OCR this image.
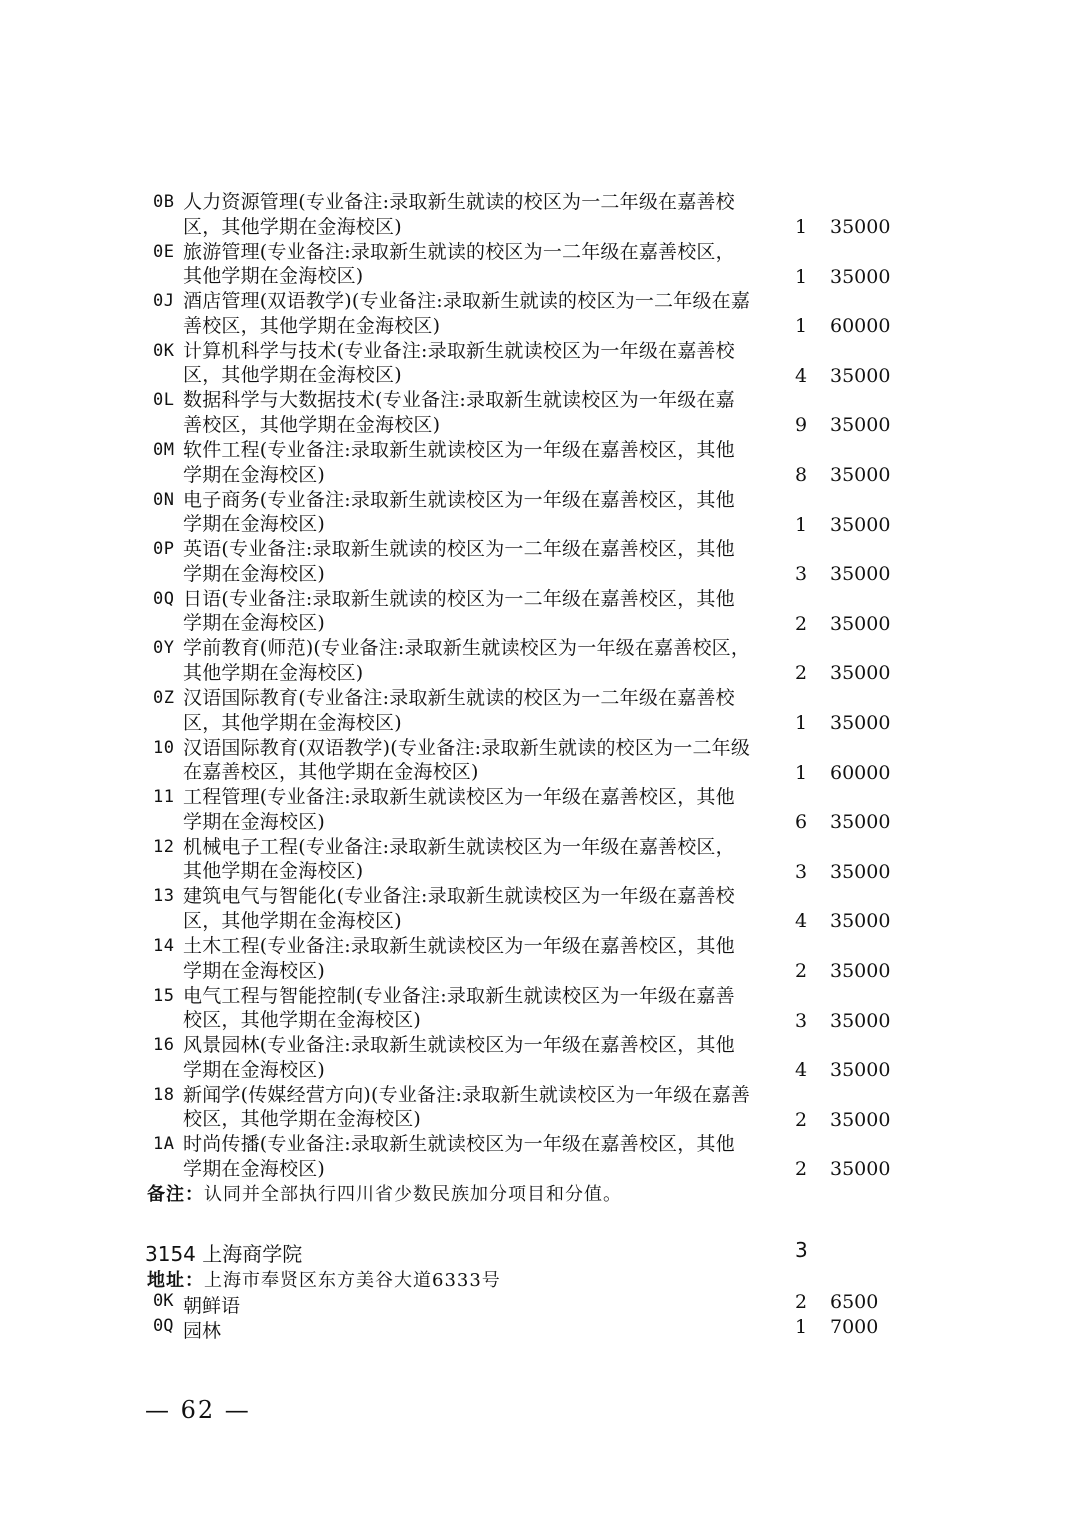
0B 人力资源管理(专业备注:录取新生就读的校区为一二年级在嘉善校区，其他学期在金海校区)	1	35000
0E 旅游管理(专业备注:录取新生就读的校区为一二年级在嘉善校区，其他学期在金海校区)	1	35000
0J 酒店管理(双语教学)(专业备注:录取新生就读的校区为一二年级在嘉善校区，其他学期在金海校区)	1	60000
0K 计算机科学与技术(专业备注:录取新生就读校区为一年级在嘉善校区，其他学期在金海校区)	4	35000
0L 数据科学与大数据技术(专业备注:录取新生就读校区为一年级在嘉善校区，其他学期在金海校区)	9	35000
0M 软件工程(专业备注:录取新生就读校区为一年级在嘉善校区，其他学期在金海校区)	8	35000
0N 电子商务(专业备注:录取新生就读校区为一年级在嘉善校区，其他学期在金海校区)	1	35000
0P 英语(专业备注:录取新生就读的校区为一二年级在嘉善校区，其他学期在金海校区)	3	35000
0Q 日语(专业备注:录取新生就读的校区为一二年级在嘉善校区，其他学期在金海校区)	2	35000
0Y 学前教育(师范)(专业备注:录取新生就读校区为一年级在嘉善校区，其他学期在金海校区)	2	35000
0Z 汉语国际教育(专业备注:录取新生就读的校区为一二年级在嘉善校区，其他学期在金海校区)	1	35000
10 汉语国际教育(双语教学)(专业备注:录取新生就读的校区为一二年级在嘉善校区，其他学期在金海校区)	1	60000
11 工程管理(专业备注:录取新生就读校区为一年级在嘉善校区，其他学期在金海校区)	6	35000
12 机械电子工程(专业备注:录取新生就读校区为一年级在嘉善校区，其他学期在金海校区)	3	35000
13 建筑电气与智能化(专业备注:录取新生就读校区为一年级在嘉善校区，其他学期在金海校区)	4	35000
14 土木工程(专业备注:录取新生就读校区为一年级在嘉善校区，其他学期在金海校区)	2	35000
15 电气工程与智能控制(专业备注:录取新生就读校区为一年级在嘉善校区，其他学期在金海校区)	3	35000
16 风景园林(专业备注:录取新生就读校区为一年级在嘉善校区，其他学期在金海校区)	4	35000
18 新闻学(传媒经营方向)(专业备注:录取新生就读校区为一年级在嘉善校区，其他学期在金海校区)	2	35000
1A 时尚传播(专业备注:录取新生就读校区为一年级在嘉善校区，其他学期在金海校区)	2	35000
备注：认同并全部执行四川省少数民族加分项目和分值。
3154 上海商学院	3
地址：上海市奉贤区东方美谷大道6333号
0K 朝鲜语	2 6500
0Q 园林	1 7000
— 62 —
